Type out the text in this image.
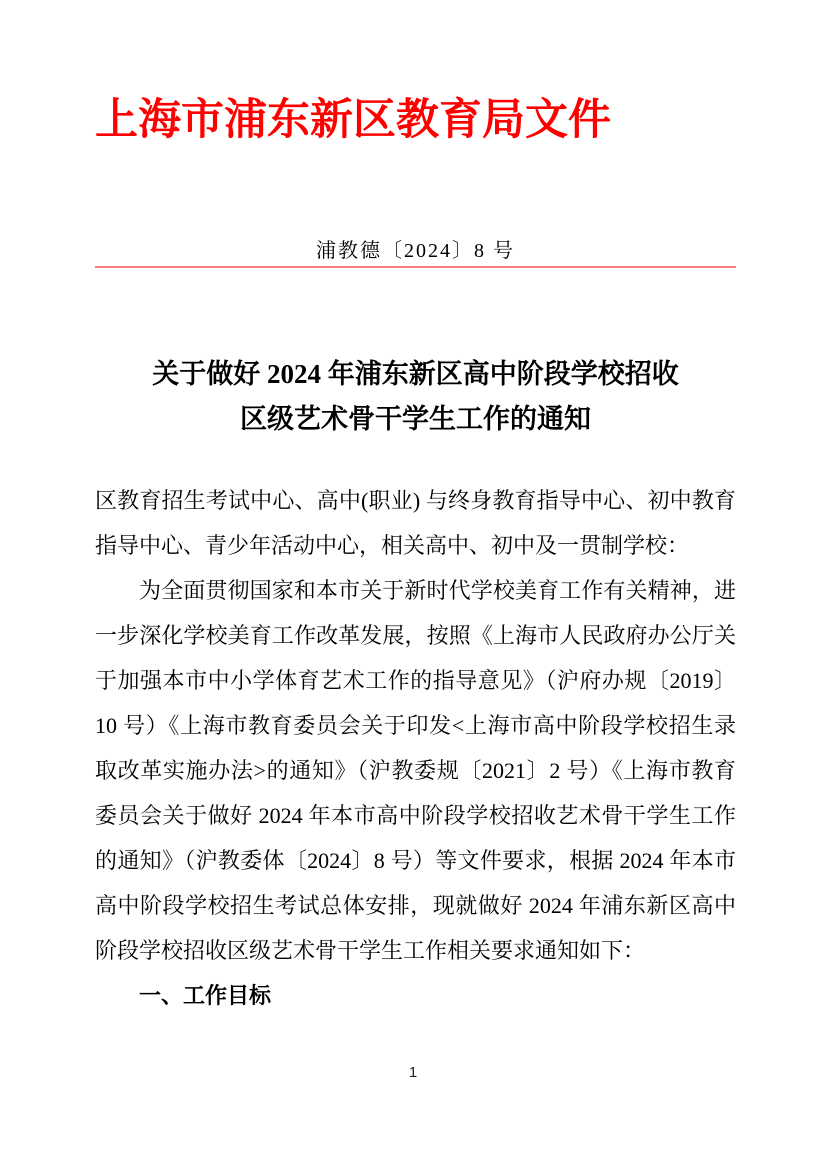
上海市浦东新区教育局文件
浦教德〔2024〕8 号
关于做好 2024 年浦东新区高中阶段学校招收
区级艺术骨干学生工作的通知

区教育招生考试中心、高中(职业) 与终身教育指导中心、初中教育指导中心、青少年活动中心，相关高中、初中及一贯制学校：

为全面贯彻国家和本市关于新时代学校美育工作有关精神，进一步深化学校美育工作改革发展，按照《上海市人民政府办公厅关于加强本市中小学体育艺术工作的指导意见》（沪府办规〔2019〕10 号）《上海市教育委员会关于印发<上海市高中阶段学校招生录取改革实施办法>的通知》（沪教委规〔2021〕2 号）《上海市教育委员会关于做好 2024 年本市高中阶段学校招收艺术骨干学生工作的通知》（沪教委体〔2024〕8 号）等文件要求，根据 2024 年本市高中阶段学校招生考试总体安排，现就做好 2024 年浦东新区高中阶段学校招收区级艺术骨干学生工作相关要求通知如下：

一、工作目标

1
